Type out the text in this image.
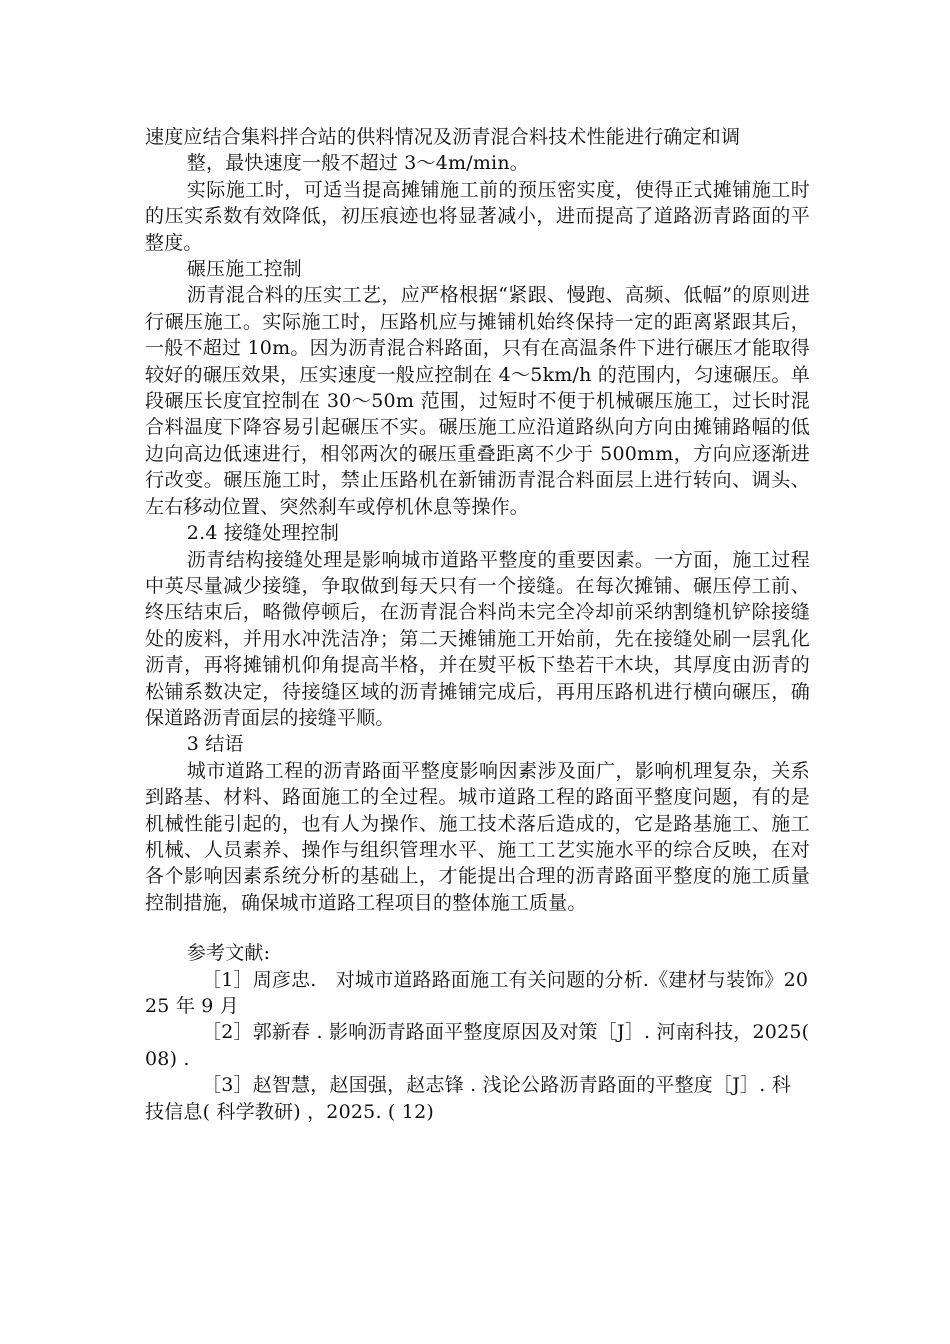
速度应结合集料拌合站的供料情况及沥青混合料技术性能进行确定和调

整，最快速度一般不超过 3～4m/min。

实际施工时，可适当提高摊铺施工前的预压密实度，使得正式摊铺施工时的压实系数有效降低，初压痕迹也将显著减小，进而提高了道路沥青路面的平整度。

碾压施工控制

沥青混合料的压实工艺，应严格根据“紧跟、慢跑、高频、低幅”的原则进行碾压施工。实际施工时，压路机应与摊铺机始终保持一定的距离紧跟其后，一般不超过 10m。因为沥青混合料路面，只有在高温条件下进行碾压才能取得较好的碾压效果，压实速度一般应控制在 4～5km/h 的范围内，匀速碾压。单段碾压长度宜控制在 30～50m 范围，过短时不便于机械碾压施工，过长时混合料温度下降容易引起碾压不实。碾压施工应沿道路纵向方向由摊铺路幅的低边向高边低速进行，相邻两次的碾压重叠距离不少于 500mm，方向应逐渐进行改变。碾压施工时，禁止压路机在新铺沥青混合料面层上进行转向、调头、左右移动位置、突然刹车或停机休息等操作。

2.4 接缝处理控制

沥青结构接缝处理是影响城市道路平整度的重要因素。一方面，施工过程中英尽量减少接缝，争取做到每天只有一个接缝。在每次摊铺、碾压停工前、终压结束后，略微停顿后，在沥青混合料尚未完全冷却前采纳割缝机铲除接缝处的废料，并用水冲洗洁净；第二天摊铺施工开始前，先在接缝处刷一层乳化沥青，再将摊铺机仰角提高半格，并在熨平板下垫若干木块，其厚度由沥青的松铺系数决定，待接缝区域的沥青摊铺完成后，再用压路机进行横向碾压，确保道路沥青面层的接缝平顺。

3 结语

城市道路工程的沥青路面平整度影响因素涉及面广，影响机理复杂，关系到路基、材料、路面施工的全过程。城市道路工程的路面平整度问题，有的是机械性能引起的，也有人为操作、施工技术落后造成的，它是路基施工、施工机械、人员素养、操作与组织管理水平、施工工艺实施水平的综合反映，在对各个影响因素系统分析的基础上，才能提出合理的沥青路面平整度的施工质量控制措施，确保城市道路工程项目的整体施工质量。

参考文献:

［1］周彦忠.　对城市道路路面施工有关问题的分析.《建材与装饰》2025 年 9 月

［2］郭新春 . 影响沥青路面平整度原因及对策［J］. 河南科技，2025( 08) .

［3］赵智慧，赵国强，赵志锋 . 浅论公路沥青路面的平整度［J］. 科技信息( 科学教研) ，2025. ( 12)
